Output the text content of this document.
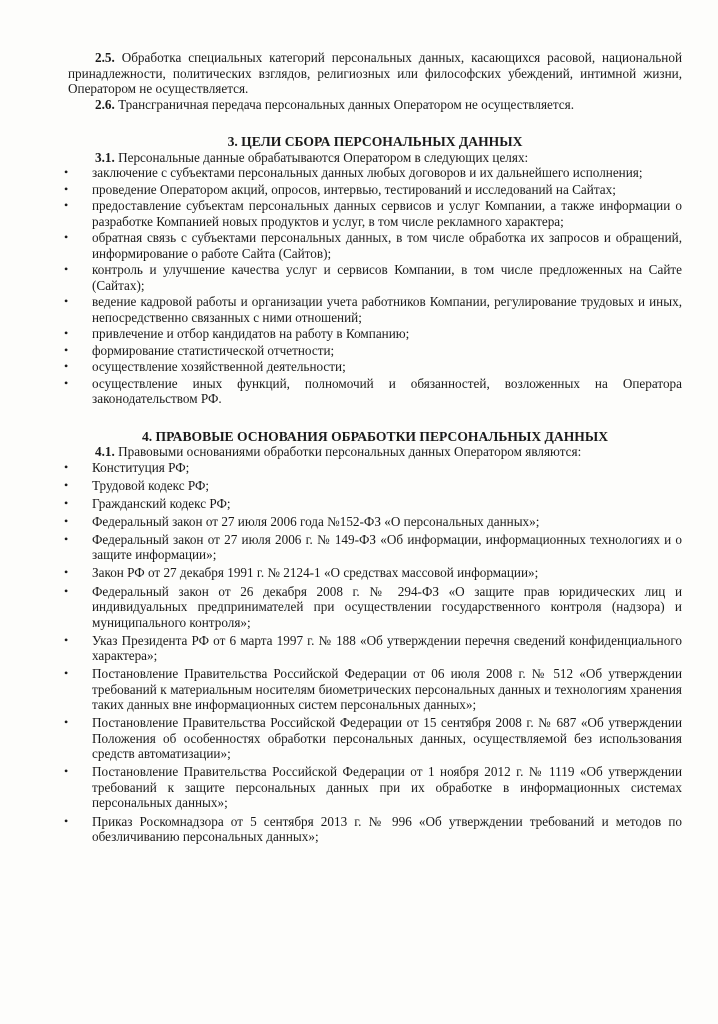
2.5. Обработка специальных категорий персональных данных, касающихся расовой, национальной принадлежности, политических взглядов, религиозных или философских убеждений, интимной жизни, Оператором не осуществляется.

2.6. Трансграничная передача персональных данных Оператором не осуществляется.

3. ЦЕЛИ СБОРА ПЕРСОНАЛЬНЫХ ДАННЫХ

3.1. Персональные данные обрабатываются Оператором в следующих целях:

•	заключение с субъектами персональных данных любых договоров и их дальнейшего исполнения;
•	проведение Оператором акций, опросов, интервью, тестирований и исследований на Сайтах;
•	предоставление субъектам персональных данных сервисов и услуг Компании, а также информации о разработке Компанией новых продуктов и услуг, в том числе рекламного характера;
•	обратная связь с субъектами персональных данных, в том числе обработка их запросов и обращений, информирование о работе Сайта (Сайтов);
•	контроль и улучшение качества услуг и сервисов Компании, в том числе предложенных на Сайте (Сайтах);
•	ведение кадровой работы и организации учета работников Компании, регулирование трудовых и иных, непосредственно связанных с ними отношений;
•	привлечение и отбор кандидатов на работу в Компанию;
•	формирование статистической отчетности;
•	осуществление хозяйственной деятельности;
•	осуществление иных функций, полномочий и обязанностей, возложенных на Оператора законодательством РФ.
4. ПРАВОВЫЕ ОСНОВАНИЯ ОБРАБОТКИ ПЕРСОНАЛЬНЫХ ДАННЫХ

4.1. Правовыми основаниями обработки персональных данных Оператором являются:

•	Конституция РФ;
•	Трудовой кодекс РФ;
•	Гражданский кодекс РФ;
•	Федеральный закон от 27 июля 2006 года №152-ФЗ «О персональных данных»;
•	Федеральный закон от 27 июля 2006 г. № 149-ФЗ «Об информации, информационных технологиях и о защите информации»;
•	Закон РФ от 27 декабря 1991 г. № 2124-1 «О средствах массовой информации»;
•	Федеральный закон от 26 декабря 2008 г. № 294-ФЗ «О защите прав юридических лиц и индивидуальных предпринимателей при осуществлении государственного контроля (надзора) и муниципального контроля»;
•	Указ Президента РФ от 6 марта 1997 г. № 188 «Об утверждении перечня сведений конфиденциального характера»;
•	Постановление Правительства Российской Федерации от 06 июля 2008 г. № 512 «Об утверждении требований к материальным носителям биометрических персональных данных и технологиям хранения таких данных вне информационных систем персональных данных»;
•	Постановление Правительства Российской Федерации от 15 сентября 2008 г. № 687 «Об утверждении Положения об особенностях обработки персональных данных, осуществляемой без использования средств автоматизации»;
•	Постановление Правительства Российской Федерации от 1 ноября 2012 г. № 1119 «Об утверждении требований к защите персональных данных при их обработке в информационных системах персональных данных»;
•	Приказ Роскомнадзора от 5 сентября 2013 г. № 996 «Об утверждении требований и методов по обезличиванию персональных данных»;
